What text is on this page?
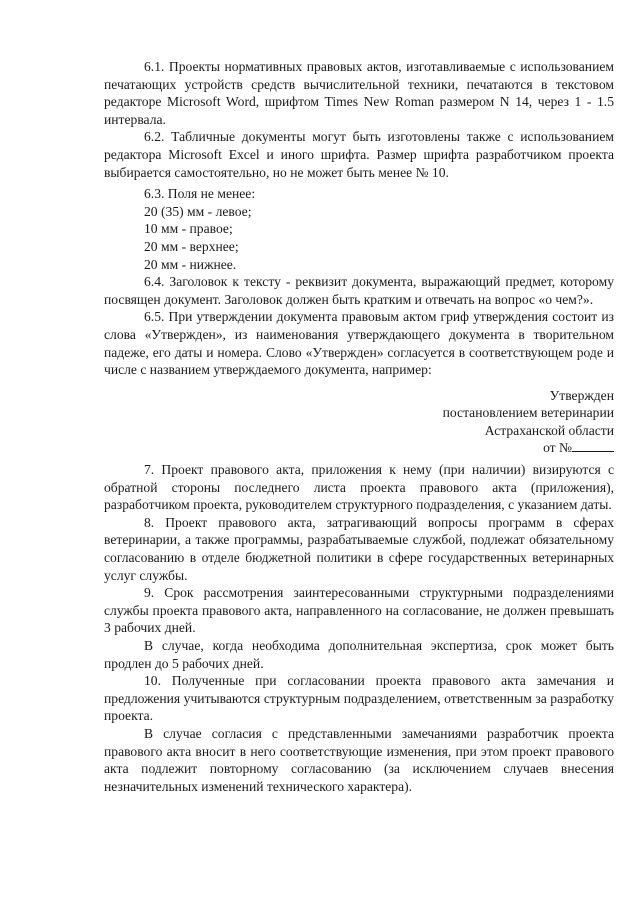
6.1. Проекты нормативных правовых актов, изготавливаемые с использованием печатающих устройств средств вычислительной техники, печатаются в текстовом редакторе Microsoft Word, шрифтом Times New Roman размером N 14, через 1 - 1.5 интервала.

6.2. Табличные документы могут быть изготовлены также с использованием редактора Microsoft Excel и иного шрифта. Размер шрифта разработчиком проекта выбирается самостоятельно, но не может быть менее № 10.

6.3. Поля не менее:

20 (35) мм - левое;

10 мм - правое;

20 мм - верхнее;

20 мм - нижнее.

6.4. Заголовок к тексту - реквизит документа, выражающий предмет, которому посвящен документ. Заголовок должен быть кратким и отвечать на вопрос «о чем?».

6.5. При утверждении документа правовым актом гриф утверждения состоит из слова «Утвержден», из наименования утверждающего документа в творительном падеже, его даты и номера. Слово «Утвержден» согласуется в соответствующем роде и числе с названием утверждаемого документа, например:

Утвержден

постановлением ветеринарии

Астраханской области

от №

7. Проект правового акта, приложения к нему (при наличии) визируются с обратной стороны последнего листа проекта правового акта (приложения), разработчиком проекта, руководителем структурного подразделения, с указанием даты.

8. Проект правового акта, затрагивающий вопросы программ в сферах ветеринарии, а также программы, разрабатываемые службой, подлежат обязательному согласованию в отделе бюджетной политики в сфере государственных ветеринарных услуг службы.

9. Срок рассмотрения заинтересованными структурными подразделениями службы проекта правового акта, направленного на согласование, не должен превышать 3 рабочих дней.

В случае, когда необходима дополнительная экспертиза, срок может быть продлен до 5 рабочих дней.

10. Полученные при согласовании проекта правового акта замечания и предложения учитываются структурным подразделением, ответственным за разработку проекта.

В случае согласия с представленными замечаниями разработчик проекта правового акта вносит в него соответствующие изменения, при этом проект правового акта подлежит повторному согласованию (за исключением случаев внесения незначительных изменений технического характера).
